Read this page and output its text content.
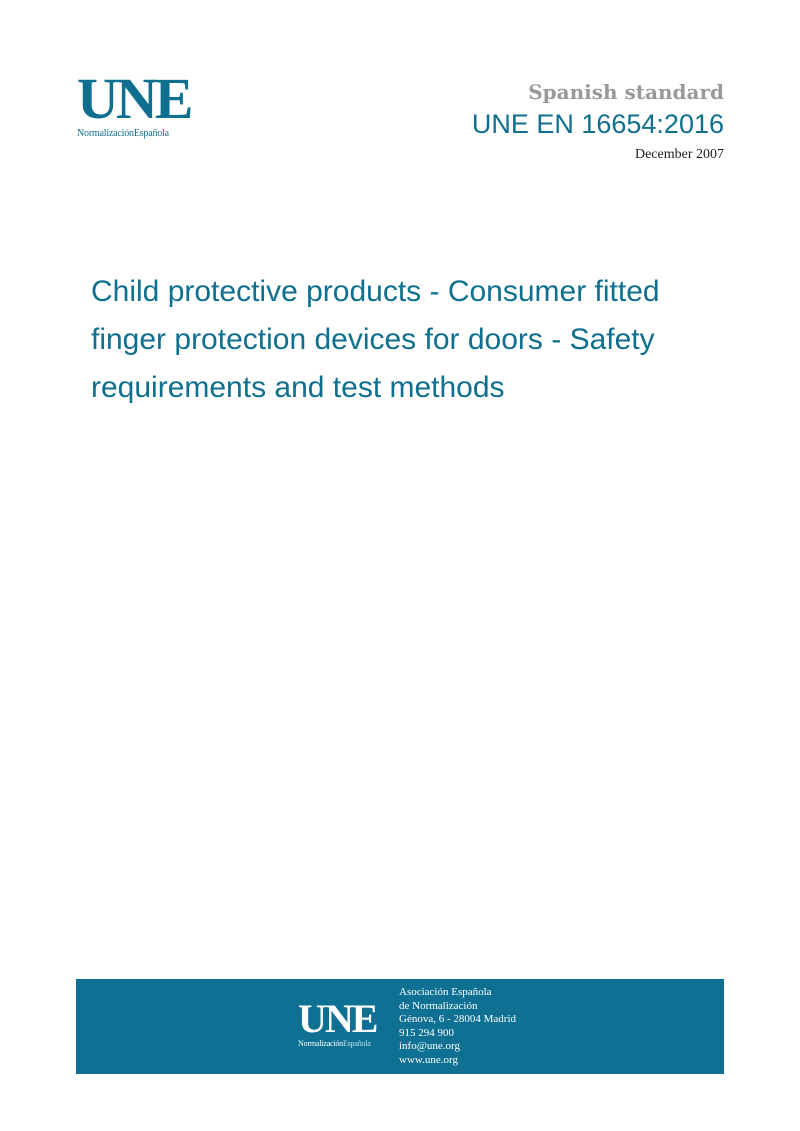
UNE
NormalizaciónEspañola
Spanish standard
UNE EN 16654:2016
December 2007
Child protective products - Consumer fitted finger protection devices for doors - Safety requirements and test methods
UNE
NormalizaciónEspañola
Asociación Española
de Normalización
Génova, 6 - 28004 Madrid
915 294 900
info@une.org
www.une.org
